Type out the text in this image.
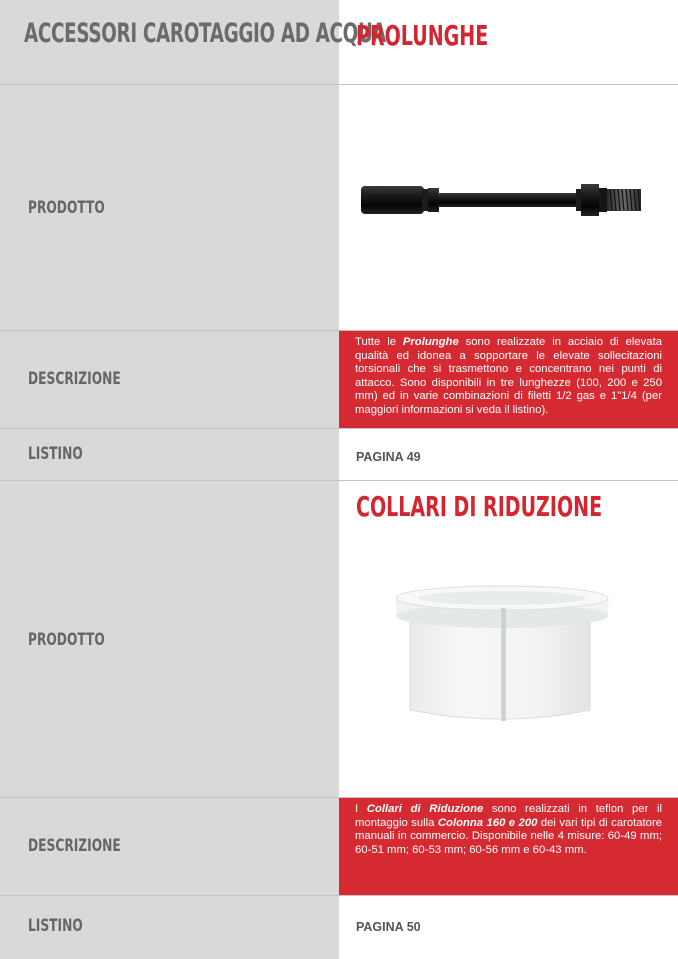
ACCESSORI CAROTAGGIO AD ACQUA
PROLUNGHE
PRODOTTO
DESCRIZIONE
Tutte le Prolunghe sono realizzate in acciaio di elevata qualità ed idonea a sopportare le elevate sollecitazioni torsionali che si trasmettono e concentrano nei punti di attacco. Sono disponibili in tre lunghezze (100, 200 e 250 mm) ed in varie combinazioni di filetti 1/2 gas e 1"1/4 (per maggiori informazioni si veda il listino).
LISTINO	PAGINA 49
COLLARI DI RIDUZIONE
PRODOTTO
DESCRIZIONE
I Collari di Riduzione sono realizzati in teflon per il montaggio sulla Colonna 160 e 200 dei vari tipi di carotatore manuali in commercio. Disponibile nelle 4 misure: 60-49 mm; 60-51 mm; 60-53 mm; 60-56 mm e 60-43 mm.
LISTINO	PAGINA 50
